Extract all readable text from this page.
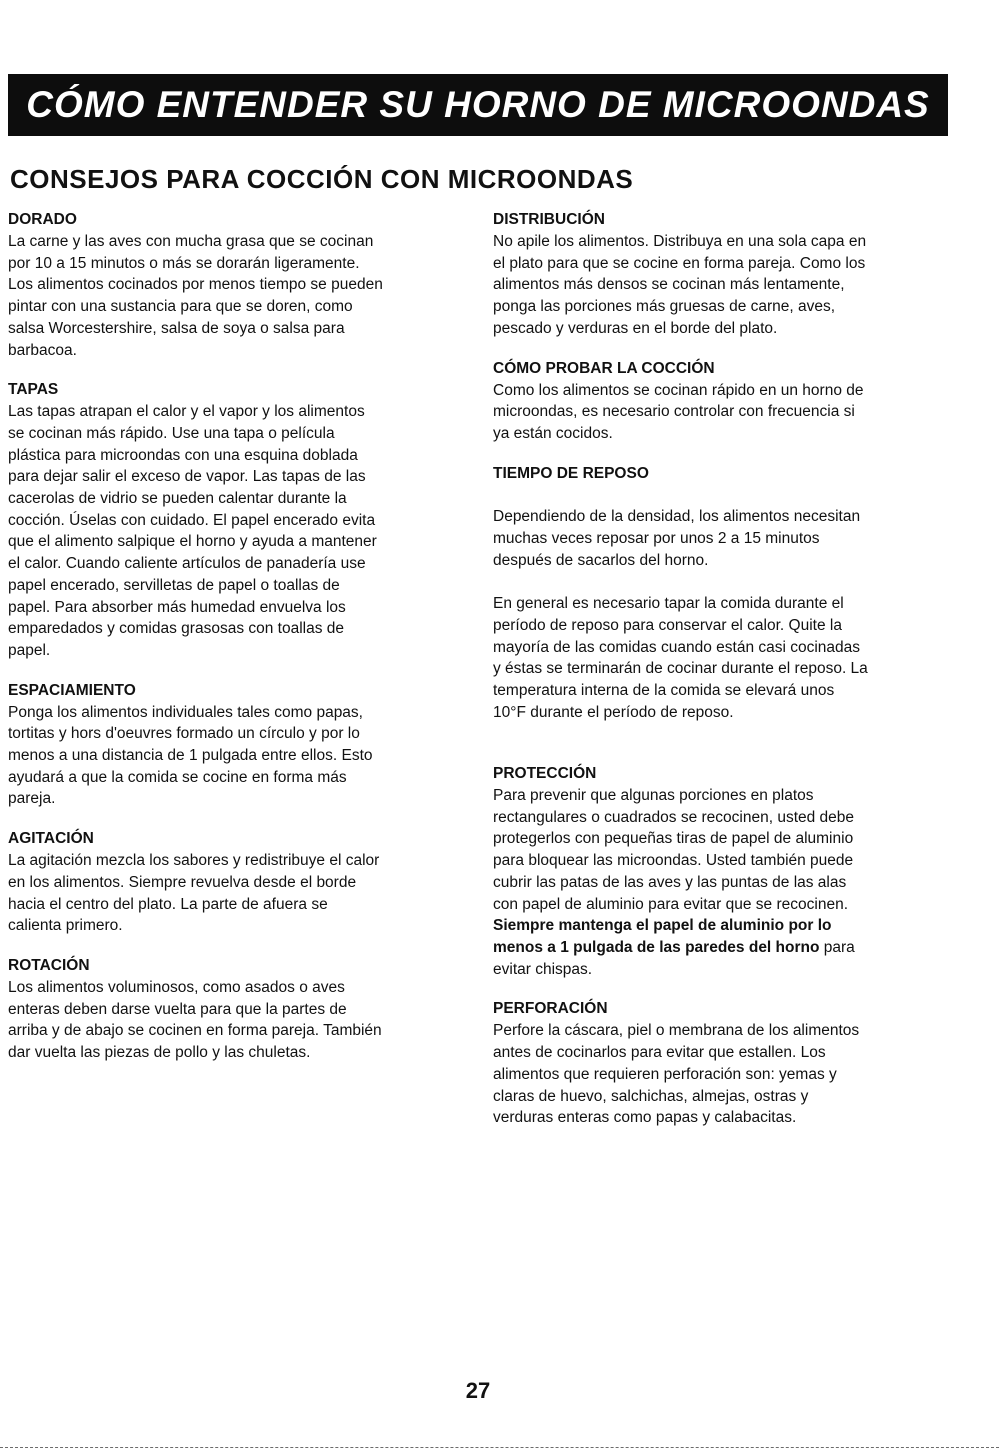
CÓMO ENTENDER SU HORNO DE MICROONDAS
CONSEJOS PARA COCCIÓN CON MICROONDAS
DORADO
La carne y las aves con mucha grasa que se cocinan
por 10 a 15 minutos o más se dorarán ligeramente.
Los alimentos cocinados por menos tiempo se pueden
pintar con una sustancia para que se doren, como
salsa Worcestershire, salsa de soya o salsa para
barbacoa.
TAPAS
Las tapas atrapan el calor y el vapor y los alimentos
se cocinan más rápido. Use una tapa o película
plástica para microondas con una esquina doblada
para dejar salir el exceso de vapor. Las tapas de las
cacerolas de vidrio se pueden calentar durante la
cocción. Úselas con cuidado. El papel encerado evita
que el alimento salpique el horno y ayuda a mantener
el calor. Cuando caliente artículos de panadería use
papel encerado, servilletas de papel o toallas de
papel. Para absorber más humedad envuelva los
emparedados y comidas grasosas con toallas de
papel.
ESPACIAMIENTO
Ponga los alimentos individuales tales como papas,
tortitas y hors d'oeuvres formado un círculo y por lo
menos a una distancia de 1 pulgada entre ellos. Esto
ayudará a que la comida se cocine en forma más
pareja.
AGITACIÓN
La agitación mezcla los sabores y redistribuye el calor
en los alimentos. Siempre revuelva desde el borde
hacia el centro del plato. La parte de afuera se
calienta primero.
ROTACIÓN
Los alimentos voluminosos, como asados o aves
enteras deben darse vuelta para que la partes de
arriba y de abajo se cocinen en forma pareja. También
dar vuelta las piezas de pollo y las chuletas.
DISTRIBUCIÓN
No apile los alimentos. Distribuya en una sola capa en
el plato para que se cocine en forma pareja. Como los
alimentos más densos se cocinan más lentamente,
ponga las porciones más gruesas de carne, aves,
pescado y verduras en el borde del plato.
CÓMO PROBAR LA COCCIÓN
Como los alimentos se cocinan rápido en un horno de
microondas, es necesario controlar con frecuencia si
ya están cocidos.
TIEMPO DE REPOSO

Dependiendo de la densidad, los alimentos necesitan
muchas veces reposar por unos 2 a 15 minutos
después de sacarlos del horno.

En general es necesario tapar la comida durante el
período de reposo para conservar el calor. Quite la
mayoría de las comidas cuando están casi cocinadas
y éstas se terminarán de cocinar durante el reposo. La
temperatura interna de la comida se elevará unos
10°F durante el período de reposo.

PROTECCIÓN
Para prevenir que algunas porciones en platos
rectangulares o cuadrados se recocinen, usted debe
protegerlos con pequeñas tiras de papel de aluminio
para bloquear las microondas. Usted también puede
cubrir las patas de las aves y las puntas de las alas
con papel de aluminio para evitar que se recocinen.
Siempre mantenga el papel de aluminio por lo
menos a 1 pulgada de las paredes del horno para
evitar chispas.
PERFORACIÓN
Perfore la cáscara, piel o membrana de los alimentos
antes de cocinarlos para evitar que estallen. Los
alimentos que requieren perforación son: yemas y
claras de huevo, salchichas, almejas, ostras y
verduras enteras como papas y calabacitas.
27
